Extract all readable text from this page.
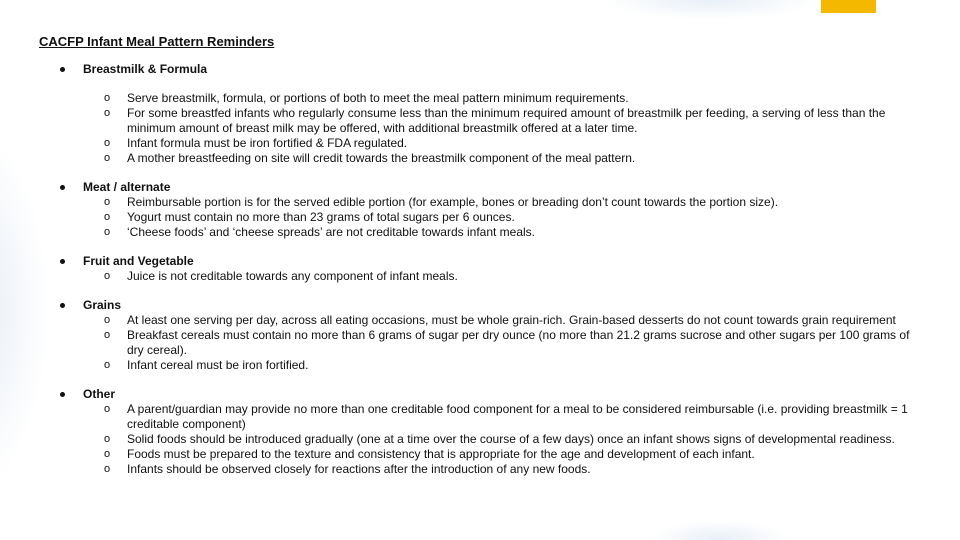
CACFP Infant Meal Pattern Reminders
Breastmilk & Formula
o Serve breastmilk, formula, or portions of both to meet the meal pattern minimum requirements.
o For some breastfed infants who regularly consume less than the minimum required amount of breastmilk per feeding, a serving of less than the minimum amount of breast milk may be offered, with additional breastmilk offered at a later time.
o Infant formula must be iron fortified & FDA regulated.
o A mother breastfeeding on site will credit towards the breastmilk component of the meal pattern.
Meat / alternate
o Reimbursable portion is for the served edible portion (for example, bones or breading don’t count towards the portion size).
o Yogurt must contain no more than 23 grams of total sugars per 6 ounces.
o ‘Cheese foods’ and ‘cheese spreads’ are not creditable towards infant meals.
Fruit and Vegetable
o Juice is not creditable towards any component of infant meals.
Grains
o At least one serving per day, across all eating occasions, must be whole grain-rich. Grain-based desserts do not count towards grain requirement
o Breakfast cereals must contain no more than 6 grams of sugar per dry ounce (no more than 21.2 grams sucrose and other sugars per 100 grams of dry cereal).
o Infant cereal must be iron fortified.
Other
o A parent/guardian may provide no more than one creditable food component for a meal to be considered reimbursable (i.e. providing breastmilk = 1 creditable component)
o Solid foods should be introduced gradually (one at a time over the course of a few days) once an infant shows signs of developmental readiness.
o Foods must be prepared to the texture and consistency that is appropriate for the age and development of each infant.
o Infants should be observed closely for reactions after the introduction of any new foods.
